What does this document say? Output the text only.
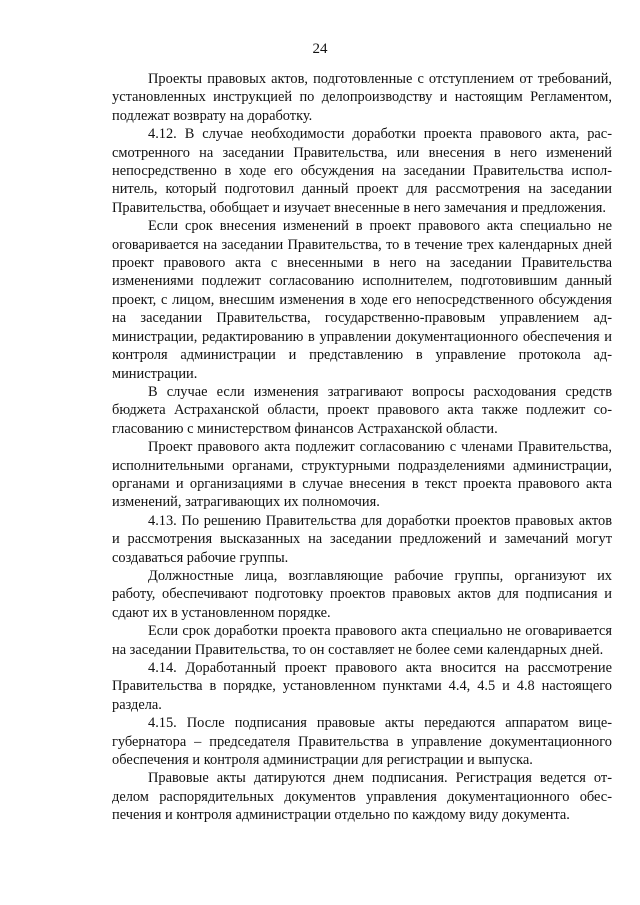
24

Проекты правовых актов, подготовленные с отступлением от требований, установленных инструкцией по делопроизводству и настоящим Регламентом, подлежат возврату на доработку.

4.12. В случае необходимости доработки проекта правового акта, рассмотренного на заседании Правительства, или внесения в него изменений непосредственно в ходе его обсуждения на заседании Правительства исполнитель, который подготовил данный проект для рассмотрения на заседании Правительства, обобщает и изучает внесенные в него замечания и предложения.

Если срок внесения изменений в проект правового акта специально не оговаривается на заседании Правительства, то в течение трех календарных дней проект правового акта с внесенными в него на заседании Правительства изменениями подлежит согласованию исполнителем, подготовившим данный проект, с лицом, внесшим изменения в ходе его непосредственного обсуждения на заседании Правительства, государственно-правовым управлением администрации, редактированию в управлении документационного обеспечения и контроля администрации и представлению в управление протокола администрации.

В случае если изменения затрагивают вопросы расходования средств бюджета Астраханской области, проект правового акта также подлежит согласованию с министерством финансов Астраханской области.

Проект правового акта подлежит согласованию с членами Правительства, исполнительными органами, структурными подразделениями администрации, органами и организациями в случае внесения в текст проекта правового акта изменений, затрагивающих их полномочия.

4.13. По решению Правительства для доработки проектов правовых актов и рассмотрения высказанных на заседании предложений и замечаний могут создаваться рабочие группы.

Должностные лица, возглавляющие рабочие группы, организуют их работу, обеспечивают подготовку проектов правовых актов для подписания и сдают их в установленном порядке.

Если срок доработки проекта правового акта специально не оговаривается на заседании Правительства, то он составляет не более семи календарных дней.

4.14. Доработанный проект правового акта вносится на рассмотрение Правительства в порядке, установленном пунктами 4.4, 4.5 и 4.8 настоящего раздела.

4.15. После подписания правовые акты передаются аппаратом вице-губернатора – председателя Правительства в управление документационного обеспечения и контроля администрации для регистрации и выпуска.

Правовые акты датируются днем подписания. Регистрация ведется отделом распорядительных документов управления документационного обеспечения и контроля администрации отдельно по каждому виду документа.
